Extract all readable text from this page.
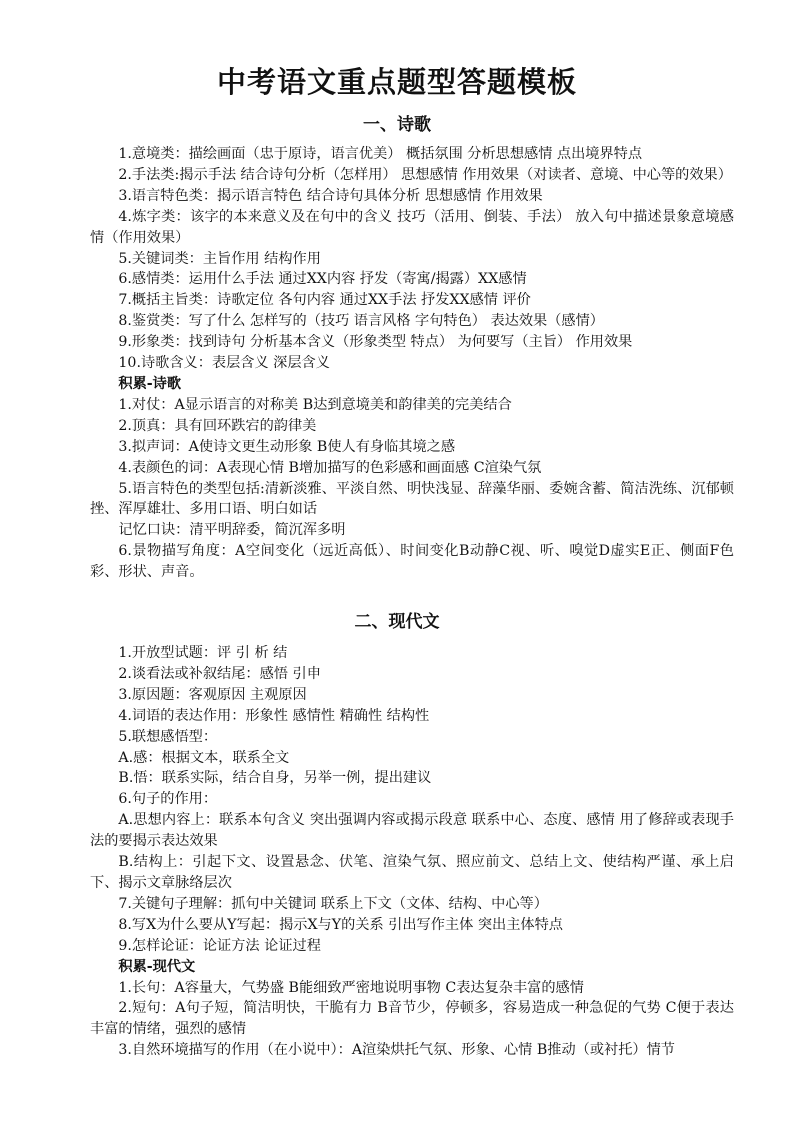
中考语文重点题型答题模板
一、诗歌

1.意境类：描绘画面（忠于原诗，语言优美） 概括氛围 分析思想感情 点出境界特点

2.手法类:揭示手法 结合诗句分析（怎样用） 思想感情 作用效果（对读者、意境、中心等的效果）

3.语言特色类：揭示语言特色 结合诗句具体分析 思想感情 作用效果

4.炼字类：该字的本来意义及在句中的含义 技巧（活用、倒装、手法） 放入句中描述景象意境感情（作用效果）

5.关键词类：主旨作用 结构作用

6.感情类：运用什么手法 通过XX内容 抒发（寄寓/揭露）XX感情

7.概括主旨类：诗歌定位 各句内容 通过XX手法 抒发XX感情 评价

8.鉴赏类：写了什么 怎样写的（技巧 语言风格 字句特色） 表达效果（感情）

9.形象类：找到诗句 分析基本含义（形象类型 特点） 为何要写（主旨） 作用效果

10.诗歌含义：表层含义 深层含义

积累-诗歌

1.对仗：A显示语言的对称美 B达到意境美和韵律美的完美结合

2.顶真：具有回环跌宕的韵律美

3.拟声词：A使诗文更生动形象 B使人有身临其境之感

4.表颜色的词：A表现心情 B增加描写的色彩感和画面感 C渲染气氛

5.语言特色的类型包括:清新淡雅、平淡自然、明快浅显、辞藻华丽、委婉含蓄、简洁洗练、沉郁顿挫、浑厚雄壮、多用口语、明白如话

记忆口诀：清平明辞委，简沉浑多明

6.景物描写角度：A空间变化（远近高低）、时间变化B动静C视、听、嗅觉D虚实E正、侧面F色彩、形状、声音。

二、现代文

1.开放型试题：评 引 析 结

2.谈看法或补叙结尾：感悟 引申

3.原因题：客观原因 主观原因

4.词语的表达作用：形象性 感情性 精确性 结构性

5.联想感悟型：

A.感：根据文本，联系全文

B.悟：联系实际，结合自身，另举一例，提出建议

6.句子的作用：

A.思想内容上：联系本句含义 突出强调内容或揭示段意 联系中心、态度、感情 用了修辞或表现手法的要揭示表达效果

B.结构上：引起下文、设置悬念、伏笔、渲染气氛、照应前文、总结上文、使结构严谨、承上启下、揭示文章脉络层次

7.关键句子理解：抓句中关键词 联系上下文（文体、结构、中心等）

8.写X为什么要从Y写起：揭示X与Y的关系 引出写作主体 突出主体特点

9.怎样论证：论证方法 论证过程

积累-现代文

1.长句：A容量大，气势盛 B能细致严密地说明事物 C表达复杂丰富的感情

2.短句：A句子短，简洁明快，干脆有力 B音节少，停顿多，容易造成一种急促的气势 C便于表达丰富的情绪，强烈的感情

3.自然环境描写的作用（在小说中）：A渲染烘托气氛、形象、心情 B推动（或衬托）情节
